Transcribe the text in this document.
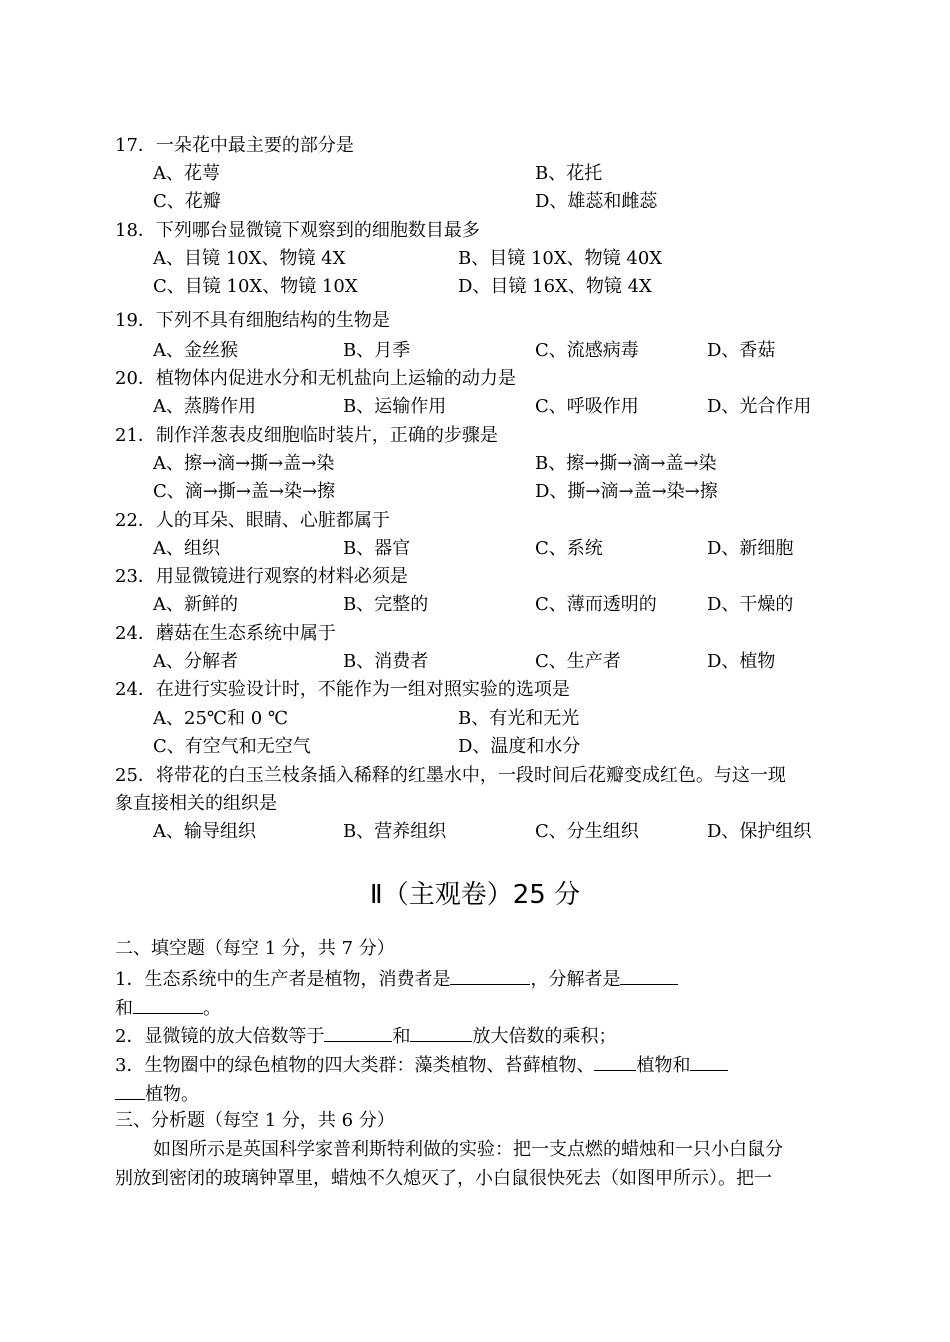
17．一朵花中最主要的部分是
A、花萼	B、花托
C、花瓣	D、雄蕊和雌蕊
18．下列哪台显微镜下观察到的细胞数目最多
A、目镜 10X、物镜 4X	B、目镜 10X、物镜 40X
C、目镜 10X、物镜 10X	D、目镜 16X、物镜 4X
19．下列不具有细胞结构的生物是
A、金丝猴	B、月季	C、流感病毒	D、香菇
20．植物体内促进水分和无机盐向上运输的动力是
A、蒸腾作用	B、运输作用	C、呼吸作用	D、光合作用
21．制作洋葱表皮细胞临时装片，正确的步骤是
A、擦→滴→撕→盖→染	B、擦→撕→滴→盖→染
C、滴→撕→盖→染→擦	D、撕→滴→盖→染→擦
22．人的耳朵、眼睛、心脏都属于
A、组织	B、器官	C、系统	D、新细胞
23．用显微镜进行观察的材料必须是
A、新鲜的	B、完整的	C、薄而透明的	D、干燥的
24．蘑菇在生态系统中属于
A、分解者	B、消费者	C、生产者	D、植物
24．在进行实验设计时，不能作为一组对照实验的选项是
A、25℃和 0 ℃	B、有光和无光
C、有空气和无空气	D、温度和水分
25．将带花的白玉兰枝条插入稀释的红墨水中，一段时间后花瓣变成红色。与这一现
象直接相关的组织是
A、输导组织	B、营养组织	C、分生组织	D、保护组织
Ⅱ（主观卷）25 分
二、填空题（每空 1 分，共 7 分）
1．生态系统中的生产者是植物，消费者是	，分解者是
和	。
2．显微镜的放大倍数等于	和	放大倍数的乘积；
3．生物圈中的绿色植物的四大类群：藻类植物、苔藓植物、 植物和
植物。
三、分析题（每空 1 分，共 6 分）
如图所示是英国科学家普利斯特利做的实验：把一支点燃的蜡烛和一只小白鼠分
别放到密闭的玻璃钟罩里，蜡烛不久熄灭了，小白鼠很快死去（如图甲所示）。把一
